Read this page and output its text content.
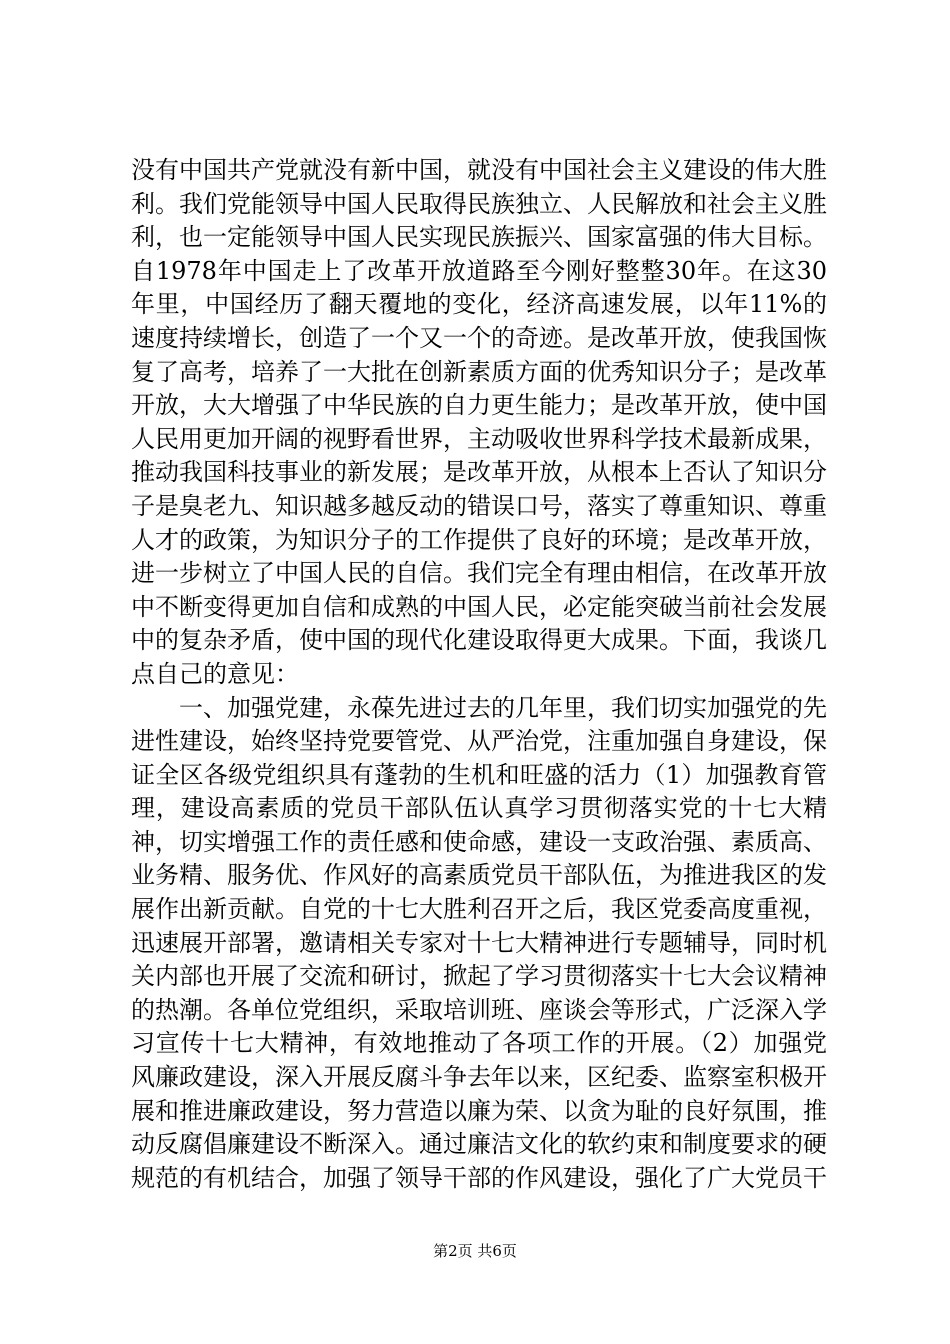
没有中国共产党就没有新中国，就没有中国社会主义建设的伟大胜利。我们党能领导中国人民取得民族独立、人民解放和社会主义胜利，也一定能领导中国人民实现民族振兴、国家富强的伟大目标。自1978年中国走上了改革开放道路至今刚好整整30年。在这30年里，中国经历了翻天覆地的变化，经济高速发展，以年11%的速度持续增长，创造了一个又一个的奇迹。是改革开放，使我国恢复了高考，培养了一大批在创新素质方面的优秀知识分子；是改革开放，大大增强了中华民族的自力更生能力；是改革开放，使中国人民用更加开阔的视野看世界，主动吸收世界科学技术最新成果，推动我国科技事业的新发展；是改革开放，从根本上否认了知识分子是臭老九、知识越多越反动的错误口号，落实了尊重知识、尊重人才的政策，为知识分子的工作提供了良好的环境；是改革开放，进一步树立了中国人民的自信。我们完全有理由相信，在改革开放中不断变得更加自信和成熟的中国人民，必定能突破当前社会发展中的复杂矛盾，使中国的现代化建设取得更大成果。下面，我谈几点自己的意见：

一、加强党建，永葆先进过去的几年里，我们切实加强党的先进性建设，始终坚持党要管党、从严治党，注重加强自身建设，保证全区各级党组织具有蓬勃的生机和旺盛的活力（1）加强教育管理，建设高素质的党员干部队伍认真学习贯彻落实党的十七大精神，切实增强工作的责任感和使命感，建设一支政治强、素质高、业务精、服务优、作风好的高素质党员干部队伍，为推进我区的发展作出新贡献。自党的十七大胜利召开之后，我区党委高度重视，迅速展开部署，邀请相关专家对十七大精神进行专题辅导，同时机关内部也开展了交流和研讨，掀起了学习贯彻落实十七大会议精神的热潮。各单位党组织，采取培训班、座谈会等形式，广泛深入学习宣传十七大精神，有效地推动了各项工作的开展。（2）加强党风廉政建设，深入开展反腐斗争去年以来，区纪委、监察室积极开展和推进廉政建设，努力营造以廉为荣、以贪为耻的良好氛围，推动反腐倡廉建设不断深入。通过廉洁文化的软约束和制度要求的硬规范的有机结合，加强了领导干部的作风建设，强化了广大党员干

第2页 共6页
